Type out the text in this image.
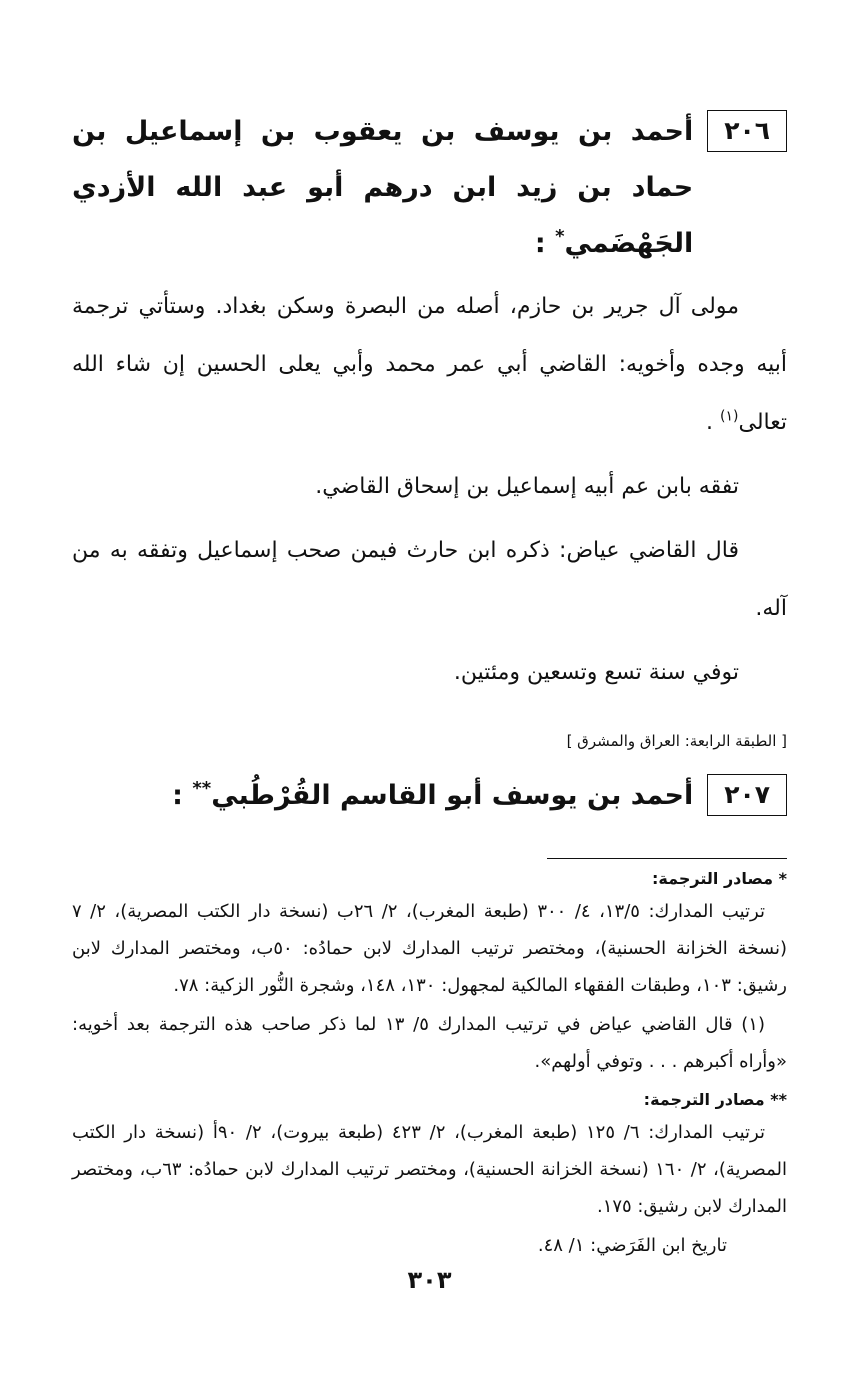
٢٠٦
أحمد بن يوسف بن يعقوب بن إسماعيل بن حماد بن زيد ابن درهم أبو عبد الله الأزدي الجَهْضَمي* :

مولى آل جرير بن حازم، أصله من البصرة وسكن بغداد. وستأتي ترجمة أبيه وجده وأخويه: القاضي أبي عمر محمد وأبي يعلى الحسين إن شاء الله تعالى$^{(١)}$ .

تفقه بابن عم أبيه إسماعيل بن إسحاق القاضي.

قال القاضي عياض: ذكره ابن حارث فيمن صحب إسماعيل وتفقه به من آله.

توفي سنة تسع وتسعين ومئتين.

[ الطبقة الرابعة: العراق والمشرق ]
٢٠٧
أحمد بن يوسف أبو القاسم القُرْطُبي** :
* مصادر الترجمة:

ترتيب المدارك: ١٣/٥، ٤/ ٣٠٠ (طبعة المغرب)، ٢/ ٢٦ب (نسخة دار الكتب المصرية)، ٢/ ٧ (نسخة الخزانة الحسنية)، ومختصر ترتيب المدارك لابن حمادُه: ٥٠ب، ومختصر المدارك لابن رشيق: ١٠٣، وطبقات الفقهاء المالكية لمجهول: ١٣٠، ١٤٨، وشجرة النُّور الزكية: ٧٨.

(١) قال القاضي عياض في ترتيب المدارك ٥/ ١٣ لما ذكر صاحب هذه الترجمة بعد أخويه: «وأراه أكبرهم . . . وتوفي أولهم».

** مصادر الترجمة:

ترتيب المدارك: ٦/ ١٢٥ (طبعة المغرب)، ٢/ ٤٢٣ (طبعة بيروت)، ٢/ ٩٠أ (نسخة دار الكتب المصرية)، ٢/ ١٦٠ (نسخة الخزانة الحسنية)، ومختصر ترتيب المدارك لابن حمادُه: ٦٣ب، ومختصر المدارك لابن رشيق: ١٧٥.

تاريخ ابن الفَرَضي: ١/ ٤٨.

٣٠٣
